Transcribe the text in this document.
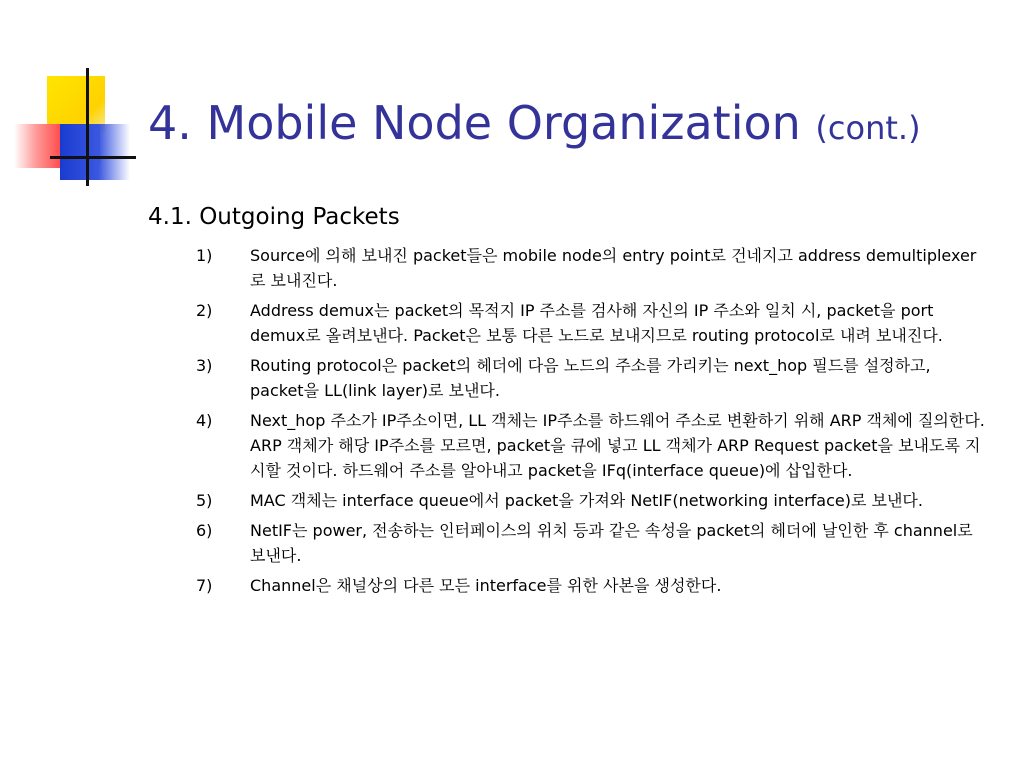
4. Mobile Node Organization (cont.)
4.1. Outgoing Packets
1)	Source에 의해 보내진 packet들은 mobile node의 entry point로 건네지고 address demultiplexer로 보내진다.
2)	Address demux는 packet의 목적지 IP 주소를 검사해 자신의 IP 주소와 일치 시, packet을 port demux로 올려보낸다. Packet은 보통 다른 노드로 보내지므로 routing protocol로 내려 보내진다.
3)	Routing protocol은 packet의 헤더에 다음 노드의 주소를 가리키는 next_hop 필드를 설정하고, packet을 LL(link layer)로 보낸다.
4)	Next_hop 주소가 IP주소이면, LL 객체는 IP주소를 하드웨어 주소로 변환하기 위해 ARP 객체에 질의한다. ARP 객체가 해당 IP주소를 모르면, packet을 큐에 넣고 LL 객체가 ARP Request packet을 보내도록 지시할 것이다. 하드웨어 주소를 알아내고 packet을 IFq(interface queue)에 삽입한다.
5)	MAC 객체는 interface queue에서 packet을 가져와 NetIF(networking interface)로 보낸다.
6)	NetIF는 power, 전송하는 인터페이스의 위치 등과 같은 속성을 packet의 헤더에 날인한 후 channel로 보낸다.
7)	Channel은 채널상의 다른 모든 interface를 위한 사본을 생성한다.
